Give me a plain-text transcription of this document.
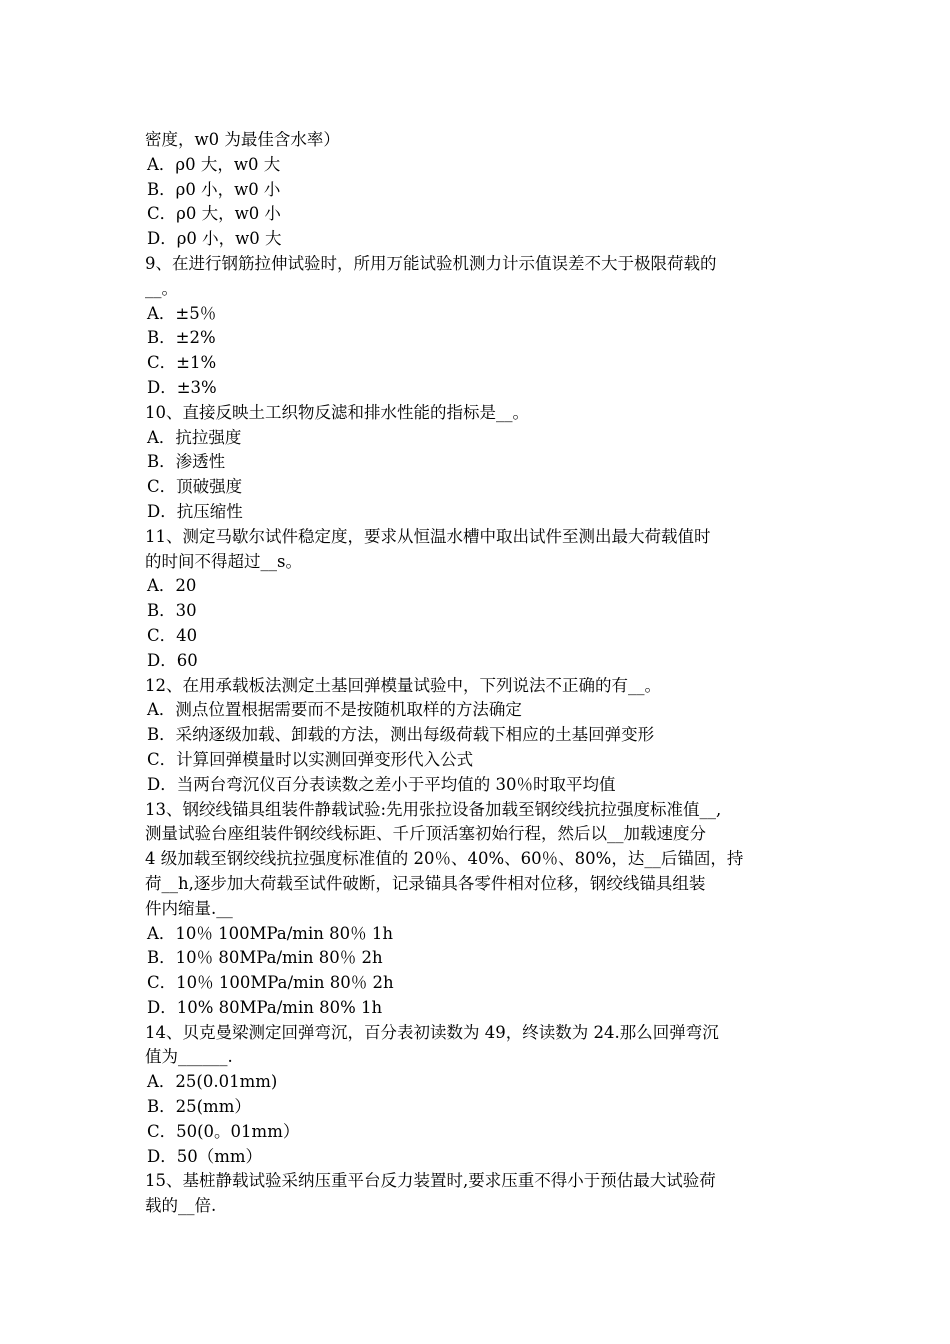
密度，w0 为最佳含水率）
A．ρ0 大，w0 大
B．ρ0 小，w0 小
C．ρ0 大，w0 小
D．ρ0 小，w0 大
9、在进行钢筋拉伸试验时，所用万能试验机测力计示值误差不大于极限荷载的
__。
A．±5％
B．±2%
C．±1%
D．±3%
10、直接反映土工织物反滤和排水性能的指标是__。
A．抗拉强度
B．渗透性
C．顶破强度
D．抗压缩性
11、测定马歇尔试件稳定度，要求从恒温水槽中取出试件至测出最大荷载值时
的时间不得超过__s。
A．20
B．30
C．40
D．60
12、在用承载板法测定土基回弹模量试验中，下列说法不正确的有__。
A．测点位置根据需要而不是按随机取样的方法确定
B．采纳逐级加载、卸载的方法，测出每级荷载下相应的土基回弹变形
C．计算回弹模量时以实测回弹变形代入公式
D．当两台弯沉仪百分表读数之差小于平均值的 30％时取平均值
13、钢绞线锚具组装件静载试验:先用张拉设备加载至钢绞线抗拉强度标准值__,
测量试验台座组装件钢绞线标距、千斤顶活塞初始行程，然后以__加载速度分
4 级加载至钢绞线抗拉强度标准值的 20％、40%、60％、80%，达__后锚固，持
荷__h,逐步加大荷载至试件破断，记录锚具各零件相对位移，钢绞线锚具组装
件内缩量.__
A．10％ 100MPa/min 80％ 1h
B．10％ 80MPa/min 80％ 2h
C．10％ 100MPa/min 80％ 2h
D．10% 80MPa/min 80% 1h
14、贝克曼梁测定回弹弯沉，百分表初读数为 49，终读数为 24.那么回弹弯沉
值为______.
A．25(0.01mm)
B．25(mm）
C．50(0。01mm）
D．50（mm）
15、基桩静载试验采纳压重平台反力装置时,要求压重不得小于预估最大试验荷
载的__倍.
